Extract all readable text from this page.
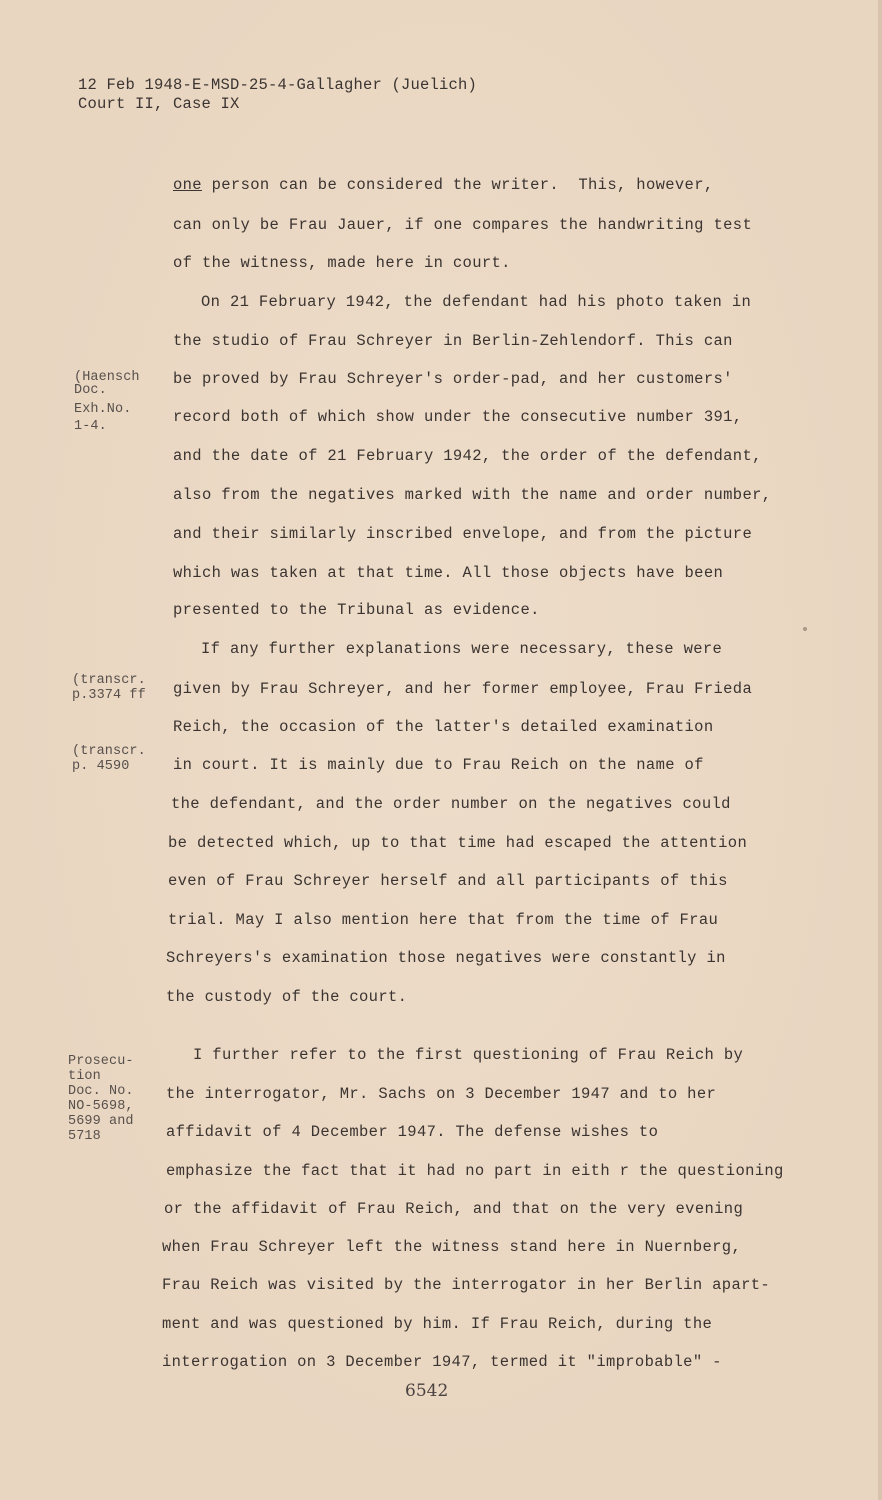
12 Feb 1948-E-MSD-25-4-Gallagher (Juelich)
Court II, Case IX
one person can be considered the writer.  This, however,
can only be Frau Jauer, if one compares the handwriting test
of the witness, made here in court.
On 21 February 1942, the defendant had his photo taken in
the studio of Frau Schreyer in Berlin-Zehlendorf. This can
be proved by Frau Schreyer's order-pad, and her customers'
record both of which show under the consecutive number 391,
and the date of 21 February 1942, the order of the defendant,
also from the negatives marked with the name and order number,
and their similarly inscribed envelope, and from the picture
which was taken at that time. All those objects have been
presented to the Tribunal as evidence.
If any further explanations were necessary, these were
given by Frau Schreyer, and her former employee, Frau Frieda
Reich, the occasion of the latter's detailed examination
in court. It is mainly due to Frau Reich on the name of
the defendant, and the order number on the negatives could
be detected which, up to that time had escaped the attention
even of Frau Schreyer herself and all participants of this
trial. May I also mention here that from the time of Frau
Schreyers's examination those negatives were constantly in
the custody of the court.
I further refer to the first questioning of Frau Reich by
the interrogator, Mr. Sachs on 3 December 1947 and to her
affidavit of 4 December 1947. The defense wishes to
emphasize the fact that it had no part in eith r the questioning
or the affidavit of Frau Reich, and that on the very evening
when Frau Schreyer left the witness stand here in Nuernberg,
Frau Reich was visited by the interrogator in her Berlin apart-
ment and was questioned by him. If Frau Reich, during the
interrogation on 3 December 1947, termed it "improbable" -
(Haensch
Doc.
Exh.No.
1-4.
(transcr.
p.3374 ff
(transcr.
p. 4590
Prosecu-
tion
Doc. No.
NO-5698,
5699 and
5718
6542
